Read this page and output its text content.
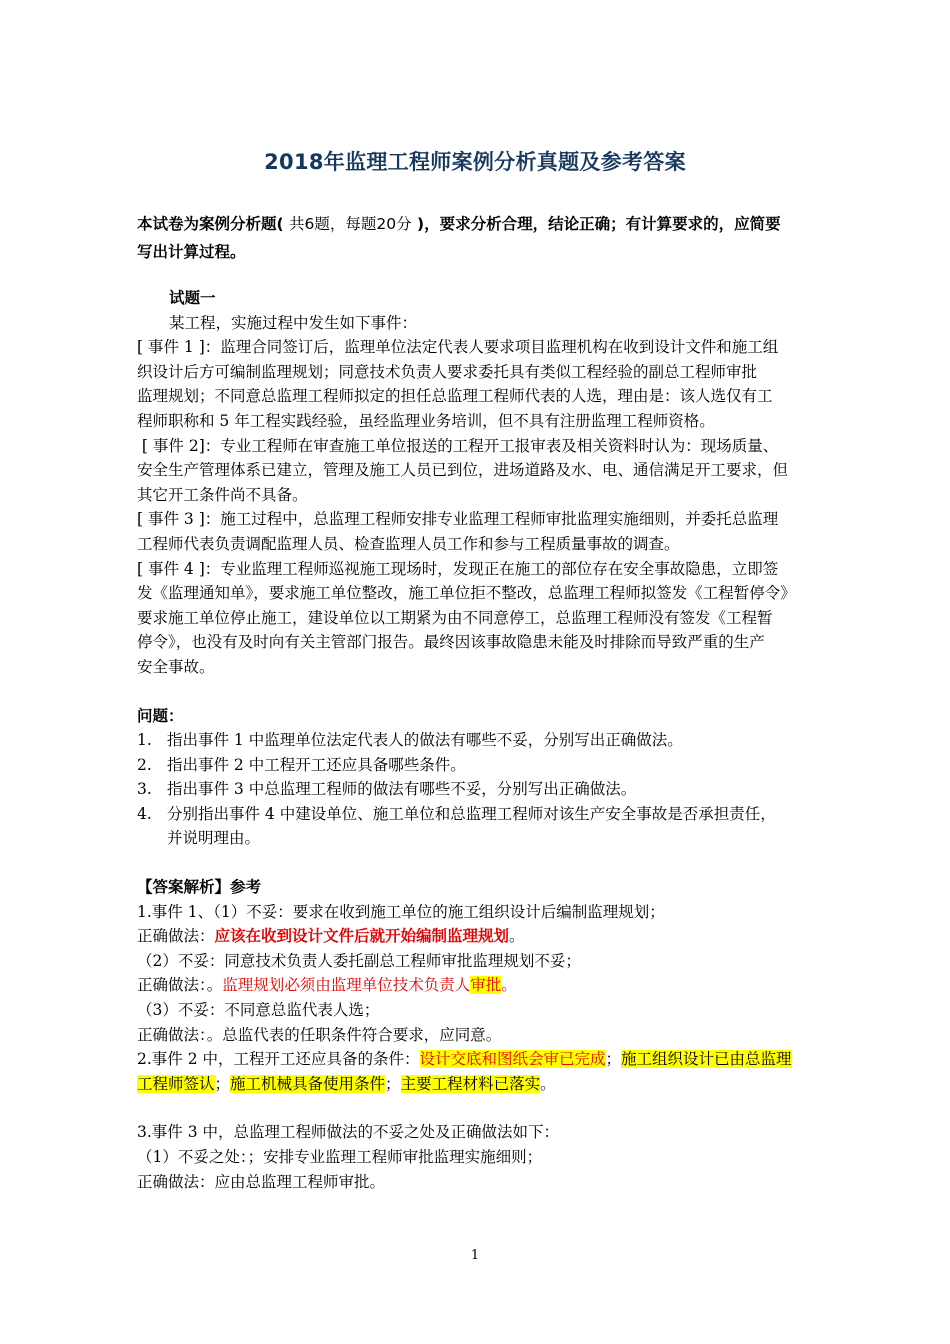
2018年监理工程师案例分析真题及参考答案
本试卷为案例分析题( 共6题，每题20分 )，要求分析合理，结论正确；有计算要求的，应简要
写出计算过程。
试题一
某工程，实施过程中发生如下事件：
[ 事件 1 ]：监理合同签订后，监理单位法定代表人要求项目监理机构在收到设计文件和施工组
织设计后方可编制监理规划；同意技术负责人要求委托具有类似工程经验的副总工程师审批
监理规划；不同意总监理工程师拟定的担任总监理工程师代表的人选，理由是：该人选仅有工
程师职称和 5 年工程实践经验，虽经监理业务培训，但不具有注册监理工程师资格。
[ 事件 2]：专业工程师在审查施工单位报送的工程开工报审表及相关资料时认为：现场质量、
安全生产管理体系已建立，管理及施工人员已到位，进场道路及水、电、通信满足开工要求，但
其它开工条件尚不具备。
[ 事件 3 ]：施工过程中，总监理工程师安排专业监理工程师审批监理实施细则，并委托总监理
工程师代表负责调配监理人员、检查监理人员工作和参与工程质量事故的调查。
[ 事件 4 ]：专业监理工程师巡视施工现场时，发现正在施工的部位存在安全事故隐患，立即签
发《监理通知单》，要求施工单位整改，施工单位拒不整改，总监理工程师拟签发《工程暂停令》
要求施工单位停止施工，建设单位以工期紧为由不同意停工，总监理工程师没有签发《工程暂
停令》，也没有及时向有关主管部门报告。最终因该事故隐患未能及时排除而导致严重的生产
安全事故。
问题：
1. 指出事件 1 中监理单位法定代表人的做法有哪些不妥，分别写出正确做法。
2. 指出事件 2 中工程开工还应具备哪些条件。
3. 指出事件 3 中总监理工程师的做法有哪些不妥，分别写出正确做法。
4. 分别指出事件 4 中建设单位、施工单位和总监理工程师对该生产安全事故是否承担责任，
并说明理由。
【答案解析】参考
1.事件 1、（1）不妥：要求在收到施工单位的施工组织设计后编制监理规划；
正确做法：应该在收到设计文件后就开始编制监理规划。
（2）不妥：同意技术负责人委托副总工程师审批监理规划不妥；
正确做法：。监理规划必须由监理单位技术负责人审批。
（3）不妥：不同意总监代表人选；
正确做法：。总监代表的任职条件符合要求，应同意。
2.事件 2 中，工程开工还应具备的条件：设计交底和图纸会审已完成；施工组织设计已由总监理
工程师签认；施工机械具备使用条件；主要工程材料已落实。
3.事件 3 中，总监理工程师做法的不妥之处及正确做法如下：
（1）不妥之处：；安排专业监理工程师审批监理实施细则；
正确做法：应由总监理工程师审批。
1
